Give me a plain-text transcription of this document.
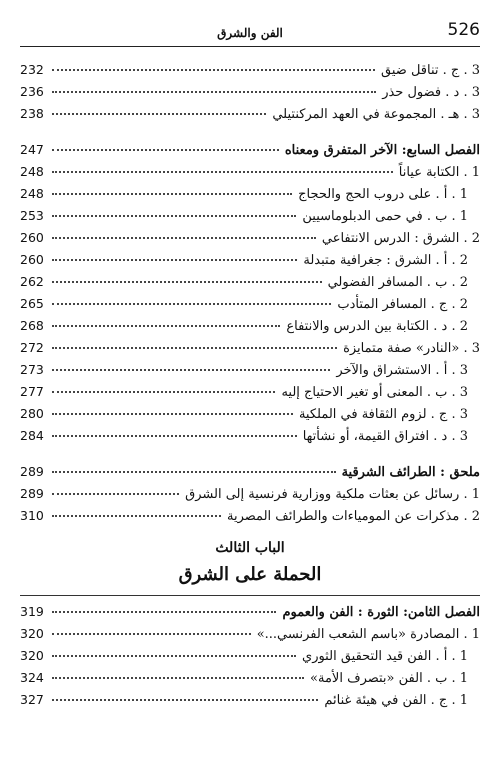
526
الفن والشرق
3 . ج . تناقل ضيق
232
3 . د . فضول حذر
236
3 . هـ . المجموعة في العهد المركنتيلي
238
الفصل السابع: الآخر المتفرق ومعناه
247
1 . الكتابة عياناً
248
1 . أ . على دروب الحج والحجاج
248
1 . ب . في حمى الدبلوماسيين
253
2 . الشرق : الدرس الانتفاعي
260
2 . أ . الشرق : جغرافية متبدلة
260
2 . ب . المسافر الفضولي
262
2 . ج . المسافر المتأدب
265
2 . د . الكتابة بين الدرس والانتفاع
268
3 . «النادر» صفة متمايزة
272
3 . أ . الاستشراق والآخر
273
3 . ب . المعنى أو تغير الاحتياج إليه
277
3 . ج . لزوم الثقافة في الملكية
280
3 . د . افتراق القيمة، أو نشأتها
284
ملحق : الطرائف الشرقية
289
1 . رسائل عن بعثات ملكية ووزارية فرنسية إلى الشرق
289
2 . مذكرات عن المومياءات والطرائف المصرية
310
الباب الثالث
الحملة على الشرق
الفصل الثامن: الثورة : الفن والعموم
319
1 . المصادرة «باسم الشعب الفرنسي...»
320
1 . أ . الفن قيد التحقيق الثوري
320
1 . ب . الفن «بتصرف الأمة»
324
1 . ج . الفن في هيئة غنائم
327
